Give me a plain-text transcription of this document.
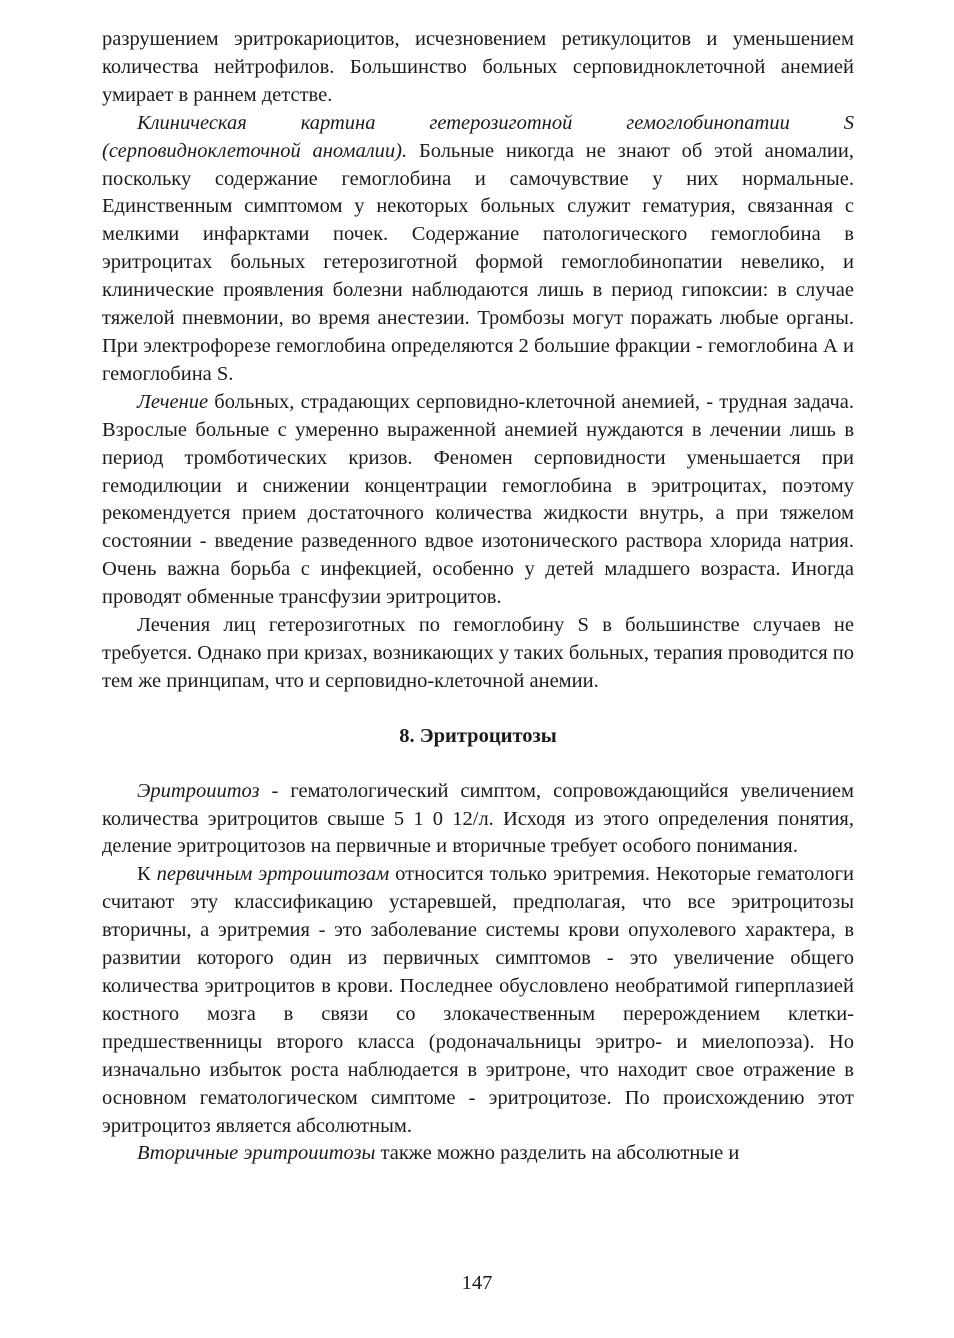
разрушением эритрокариоцитов, исчезновением ретикулоцитов и уменьшением количества нейтрофилов. Большинство больных серповидноклеточной анемией умирает в раннем детстве.

Клиническая картина гетерозиготной гемоглобинопатии S (серповидноклеточной аномалии). Больные никогда не знают об этой аномалии, поскольку содержание гемоглобина и самочувствие у них нормальные. Единственным симптомом у некоторых больных служит гематурия, связанная с мелкими инфарктами почек. Содержание патологического гемоглобина в эритроцитах больных гетерозиготной формой гемоглобинопатии невелико, и клинические проявления болезни наблюдаются лишь в период гипоксии: в случае тяжелой пневмонии, во время анестезии. Тромбозы могут поражать любые органы. При электрофорезе гемоглобина определяются 2 большие фракции - гемоглобина А и гемоглобина S.

Лечение больных, страдающих серповидно-клеточной анемией, - трудная задача. Взрослые больные с умеренно выраженной анемией нуждаются в лечении лишь в период тромботических кризов. Феномен серповидности уменьшается при гемодилюции и снижении концентрации гемоглобина в эритроцитах, поэтому рекомендуется прием достаточного количества жидкости внутрь, а при тяжелом состоянии - введение разведенного вдвое изотонического раствора хлорида натрия. Очень важна борьба с инфекцией, особенно у детей младшего возраста. Иногда проводят обменные трансфузии эритроцитов.

Лечения лиц гетерозиготных по гемоглобину S в большинстве случаев не требуется. Однако при кризах, возникающих у таких больных, терапия проводится по тем же принципам, что и серповидно-клеточной анемии.

8. Эритроцитозы

Эритроиитоз - гематологический симптом, сопровождающийся увеличением количества эритроцитов свыше 5 1 0 12/л. Исходя из этого определения понятия, деление эритроцитозов на первичные и вторичные требует особого понимания.

К первичным эртроиитозам относится только эритремия. Некоторые гематологи считают эту классификацию устаревшей, предполагая, что все эритроцитозы вторичны, а эритремия - это заболевание системы крови опухолевого характера, в развитии которого один из первичных симптомов - это увеличение общего количества эритроцитов в крови. Последнее обусловлено необратимой гиперплазией костного мозга в связи со злокачественным перерождением клетки-предшественницы второго класса (родоначальницы эритро- и миелопоэза). Но изначально избыток роста наблюдается в эритроне, что находит свое отражение в основном гематологическом симптоме - эритроцитозе. По происхождению этот эритроцитоз является абсолютным.

Вторичные эритроиитозы также можно разделить на абсолютные и

147
